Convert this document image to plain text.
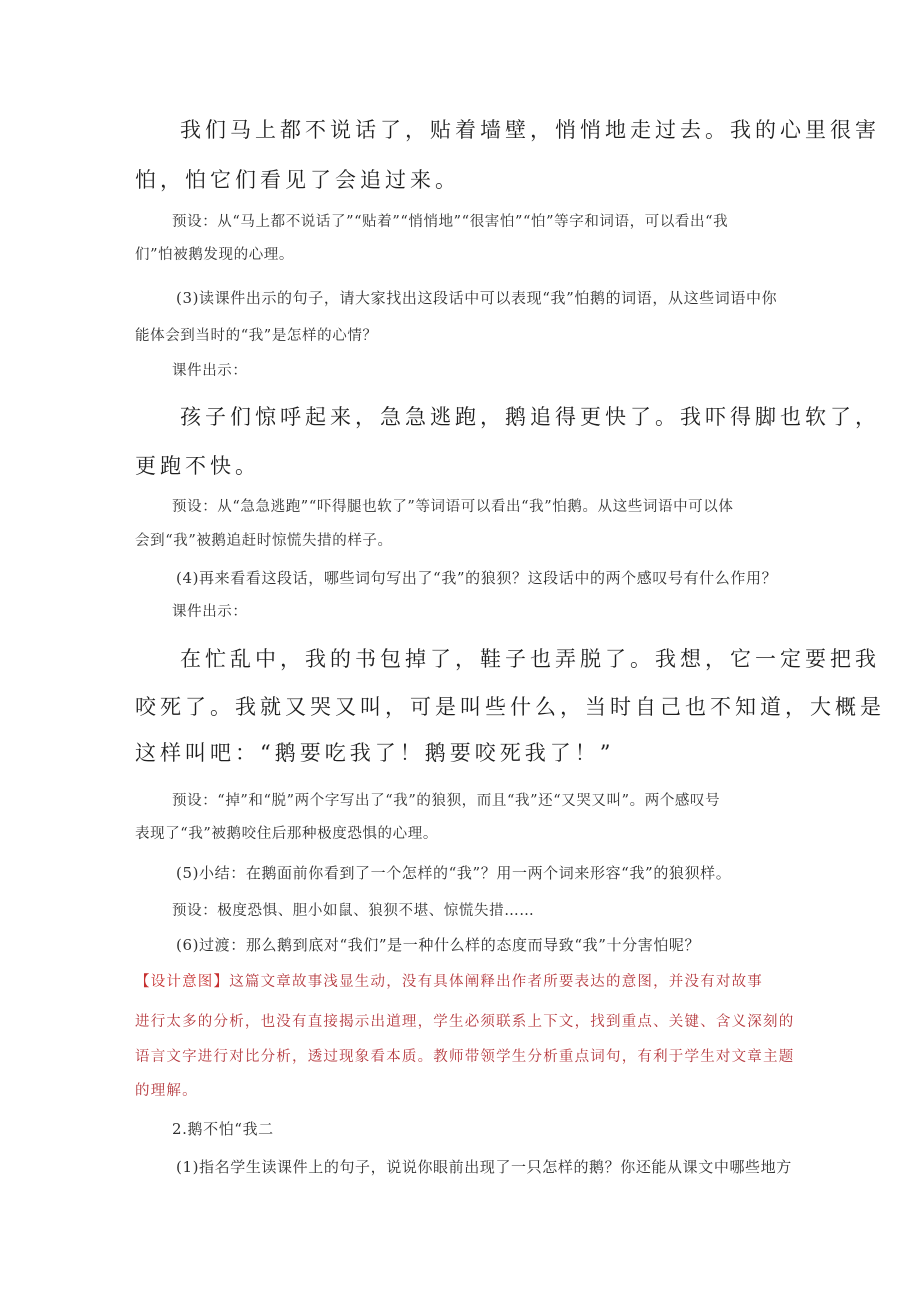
我们马上都不说话了，贴着墙壁，悄悄地走过去。我的心里很害

怕，怕它们看见了会追过来。

预设：从“马上都不说话了”“贴着”“悄悄地”“很害怕”“怕”等字和词语，可以看出“我

们”怕被鹅发现的心理。

(3)读课件出示的句子，请大家找出这段话中可以表现“我”怕鹅的词语，从这些词语中你

能体会到当时的“我”是怎样的心情？

课件出示：

孩子们惊呼起来，急急逃跑，鹅追得更快了。我吓得脚也软了，

更跑不快。

预设：从“急急逃跑”“吓得腿也软了”等词语可以看出“我”怕鹅。从这些词语中可以体

会到“我”被鹅追赶时惊慌失措的样子。

(4)再来看看这段话，哪些词句写出了“我”的狼狈？这段话中的两个感叹号有什么作用？

课件出示：

在忙乱中，我的书包掉了，鞋子也弄脱了。我想，它一定要把我

咬死了。我就又哭又叫，可是叫些什么，当时自己也不知道，大概是

这样叫吧：“鹅要吃我了！鹅要咬死我了！”

预设：“掉”和“脱”两个字写出了“我”的狼狈，而且“我”还“又哭又叫”。两个感叹号

表现了“我”被鹅咬住后那种极度恐惧的心理。

(5)小结：在鹅面前你看到了一个怎样的“我”？用一两个词来形容“我”的狼狈样。

预设：极度恐惧、胆小如鼠、狼狈不堪、惊慌失措……

(6)过渡：那么鹅到底对“我们”是一种什么样的态度而导致“我”十分害怕呢？

【设计意图】这篇文章故事浅显生动，没有具体阐释出作者所要表达的意图，并没有对故事

进行太多的分析，也没有直接揭示出道理，学生必须联系上下文，找到重点、关键、含义深刻的

语言文字进行对比分析，透过现象看本质。教师带领学生分析重点词句，有利于学生对文章主题

的理解。

2.鹅不怕“我二

(1)指名学生读课件上的句子，说说你眼前出现了一只怎样的鹅？你还能从课文中哪些地方
